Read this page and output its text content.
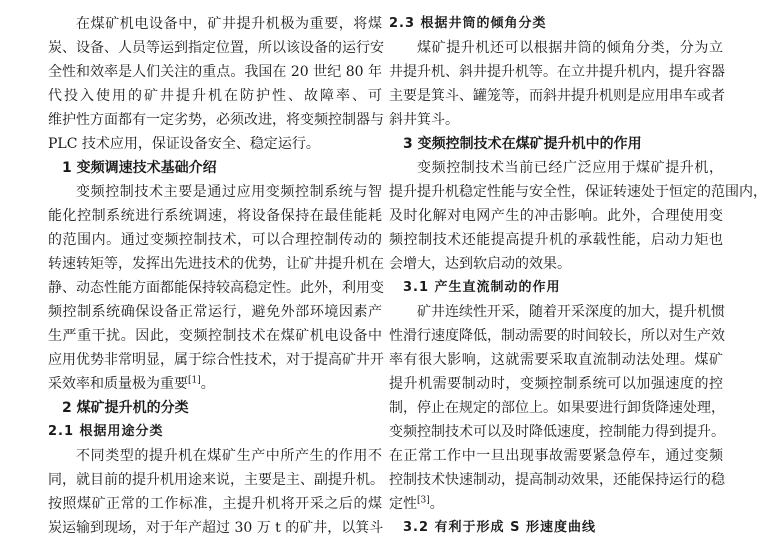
在煤矿机电设备中，矿井提升机极为重要，将煤
炭、设备、人员等运到指定位置，所以该设备的运行安
全性和效率是人们关注的重点。我国在 20 世纪 80 年
代投入使用的矿井提升机在防护性、故障率、可
维护性方面都有一定劣势，必须改进，将变频控制器与
PLC 技术应用，保证设备安全、稳定运行。
1 变频调速技术基础介绍
变频控制技术主要是通过应用变频控制系统与智
能化控制系统进行系统调速，将设备保持在最佳能耗
的范围内。通过变频控制技术，可以合理控制传动的
转速转矩等，发挥出先进技术的优势，让矿井提升机在
静、动态性能方面都能保持较高稳定性。此外，利用变
频控制系统确保设备正常运行，避免外部环境因素产
生严重干扰。因此，变频控制技术在煤矿机电设备中
应用优势非常明显，属于综合性技术，对于提高矿井开
采效率和质量极为重要[1]。
2 煤矿提升机的分类
2.1 根据用途分类
不同类型的提升机在煤矿生产中所产生的作用不
同，就目前的提升机用途来说，主要是主、副提升机。
按照煤矿正常的工作标准，主提升机将开采之后的煤
炭运输到现场，对于年产超过 30 万 t 的矿井，以箕斗
2.3 根据井筒的倾角分类
煤矿提升机还可以根据井筒的倾角分类，分为立
井提升机、斜井提升机等。在立井提升机内，提升容器
主要是箕斗、罐笼等，而斜井提升机则是应用串车或者
斜井箕斗。
3 变频控制技术在煤矿提升机中的作用
变频控制技术当前已经广泛应用于煤矿提升机，
提升提升机稳定性能与安全性，保证转速处于恒定的范围内，
及时化解对电网产生的冲击影响。此外，合理使用变
频控制技术还能提高提升机的承载性能，启动力矩也
会增大，达到软启动的效果。
3.1 产生直流制动的作用
矿井连续性开采，随着开采深度的加大，提升机惯
性滑行速度降低，制动需要的时间较长，所以对生产效
率有很大影响，这就需要采取直流制动法处理。煤矿
提升机需要制动时，变频控制系统可以加强速度的控
制，停止在规定的部位上。如果要进行卸货降速处理，
变频控制技术可以及时降低速度，控制能力得到提升。
在正常工作中一旦出现事故需要紧急停车，通过变频
控制技术快速制动，提高制动效果，还能保持运行的稳
定性[3]。
3.2 有利于形成 S 形速度曲线
